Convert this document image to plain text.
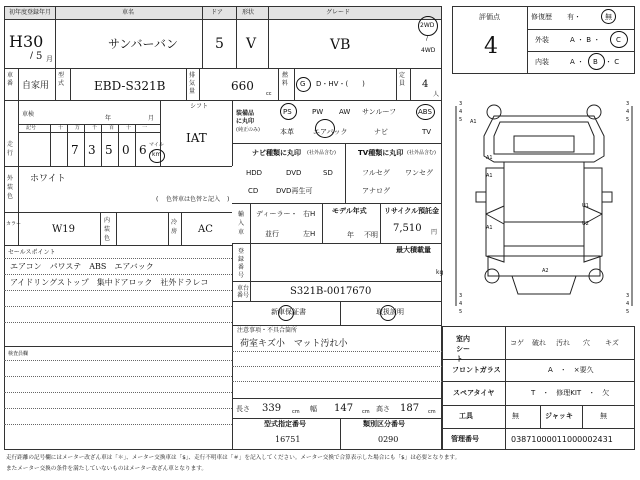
初年度登録年月	車名	ドア	形状	グレード
H30
/ 5 月
サンバーバン	5 V	VB
2WD
/
4WD
車番 自家用
型式	EBD-S321B
排気量	660
cc
燃料 G D・HV・(　　)
定員 4
人
車検
年	月
走行
記号	十 万 千 百 十 一
7 3 5 0 6 マイル
km
シフト
IAT
装備品に丸印
(純正のみ)
PS	PW AW サンルーフ	ABS
本革	エアバック	ナビ	TV
ナビ種類に丸印 (社外品含む)	TV種類に丸印 (社外品含む)
HDD	DVD	SD
CD	DVD再生可
フルセグ ワンセグ
アナログ
外装色
ホワイト
( 色替車は色替と記入 )
輸入車
ディーラー・ 右H
並行	左H
モデル年式
年 不明
リサイクル預託金
7,510 円
カラー	W19
内装色
冷房 AC
登録番号
最大積載量
kg
セールスポイント
エアコン　パワステ　ABS　エアバック
アイドリングストップ　集中ドアロック　社外ドラレコ
検査員欄
車台番号	S321B-0017670
新車保証書	取扱説明
注意事項・不具合箇所
荷室キズ小　マット汚れ小
長さ 339 cm 幅 147 cm 高さ 187 cm
型式指定番号
16751
類別区分番号
0290
評価点
4
修復歴 有・	無
外装	A ・ B ・ C
内装	A ・ B ・ C
A1
A1
A1
U1
U2
A1
A2
3
4
5
3
4
5
3
4
5
3
4
5
室内シート
コゲ 破れ 汚れ 穴 キズ
フロントガラス	A　・　×要久
スペアタイヤ	T　・　修理KIT　・　欠
工具	無	ジャッキ	無
管理番号	03871000011000002431
走行距離の記号欄にはメーター改ざん車は「＊」、メーター交換車は「$」、走行不明車は「＃」を記入してください。メーター交換で合算表示した場合にも「$」は必要となります。
またメーター交換の条件を満たしていないものはメーター改ざん車となります。
